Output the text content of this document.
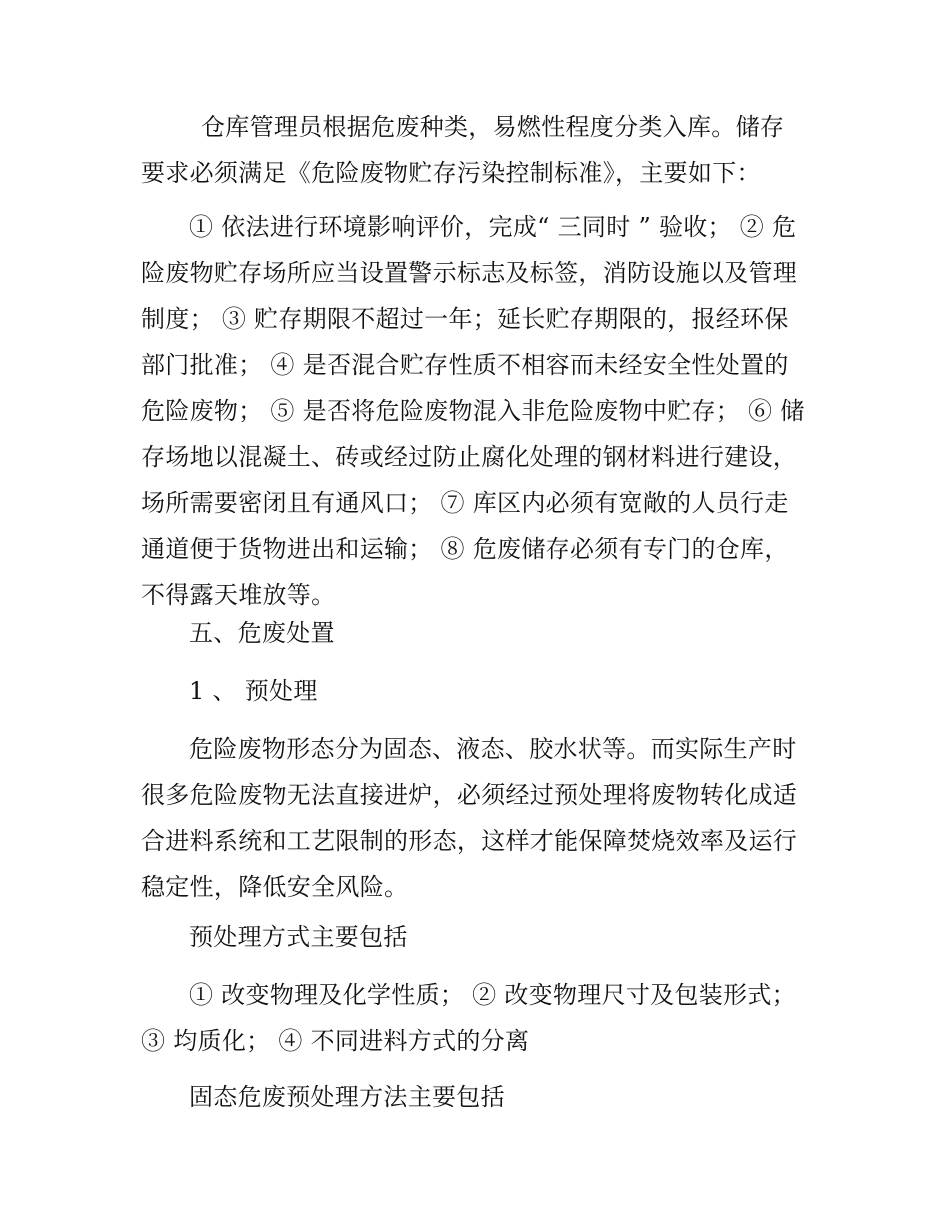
仓库管理员根据危废种类，易燃性程度分类入库。储存
要求必须满足《危险废物贮存污染控制标准》，主要如下：
① 依法进行环境影响评价，完成“ 三同时 ” 验收； ② 危
险废物贮存场所应当设置警示标志及标签，消防设施以及管理
制度； ③ 贮存期限不超过一年；延长贮存期限的，报经环保
部门批准； ④ 是否混合贮存性质不相容而未经安全性处置的
危险废物； ⑤ 是否将危险废物混入非危险废物中贮存； ⑥ 储
存场地以混凝土、砖或经过防止腐化处理的钢材料进行建设，
场所需要密闭且有通风口； ⑦ 库区内必须有宽敞的人员行走
通道便于货物进出和运输； ⑧ 危废储存必须有专门的仓库，
不得露天堆放等。
五、危废处置
1 、 预处理
危险废物形态分为固态、液态、胶水状等。而实际生产时
很多危险废物无法直接进炉，必须经过预处理将废物转化成适
合进料系统和工艺限制的形态，这样才能保障焚烧效率及运行
稳定性，降低安全风险。
预处理方式主要包括
① 改变物理及化学性质； ② 改变物理尺寸及包装形式；
③ 均质化； ④ 不同进料方式的分离
固态危废预处理方法主要包括
